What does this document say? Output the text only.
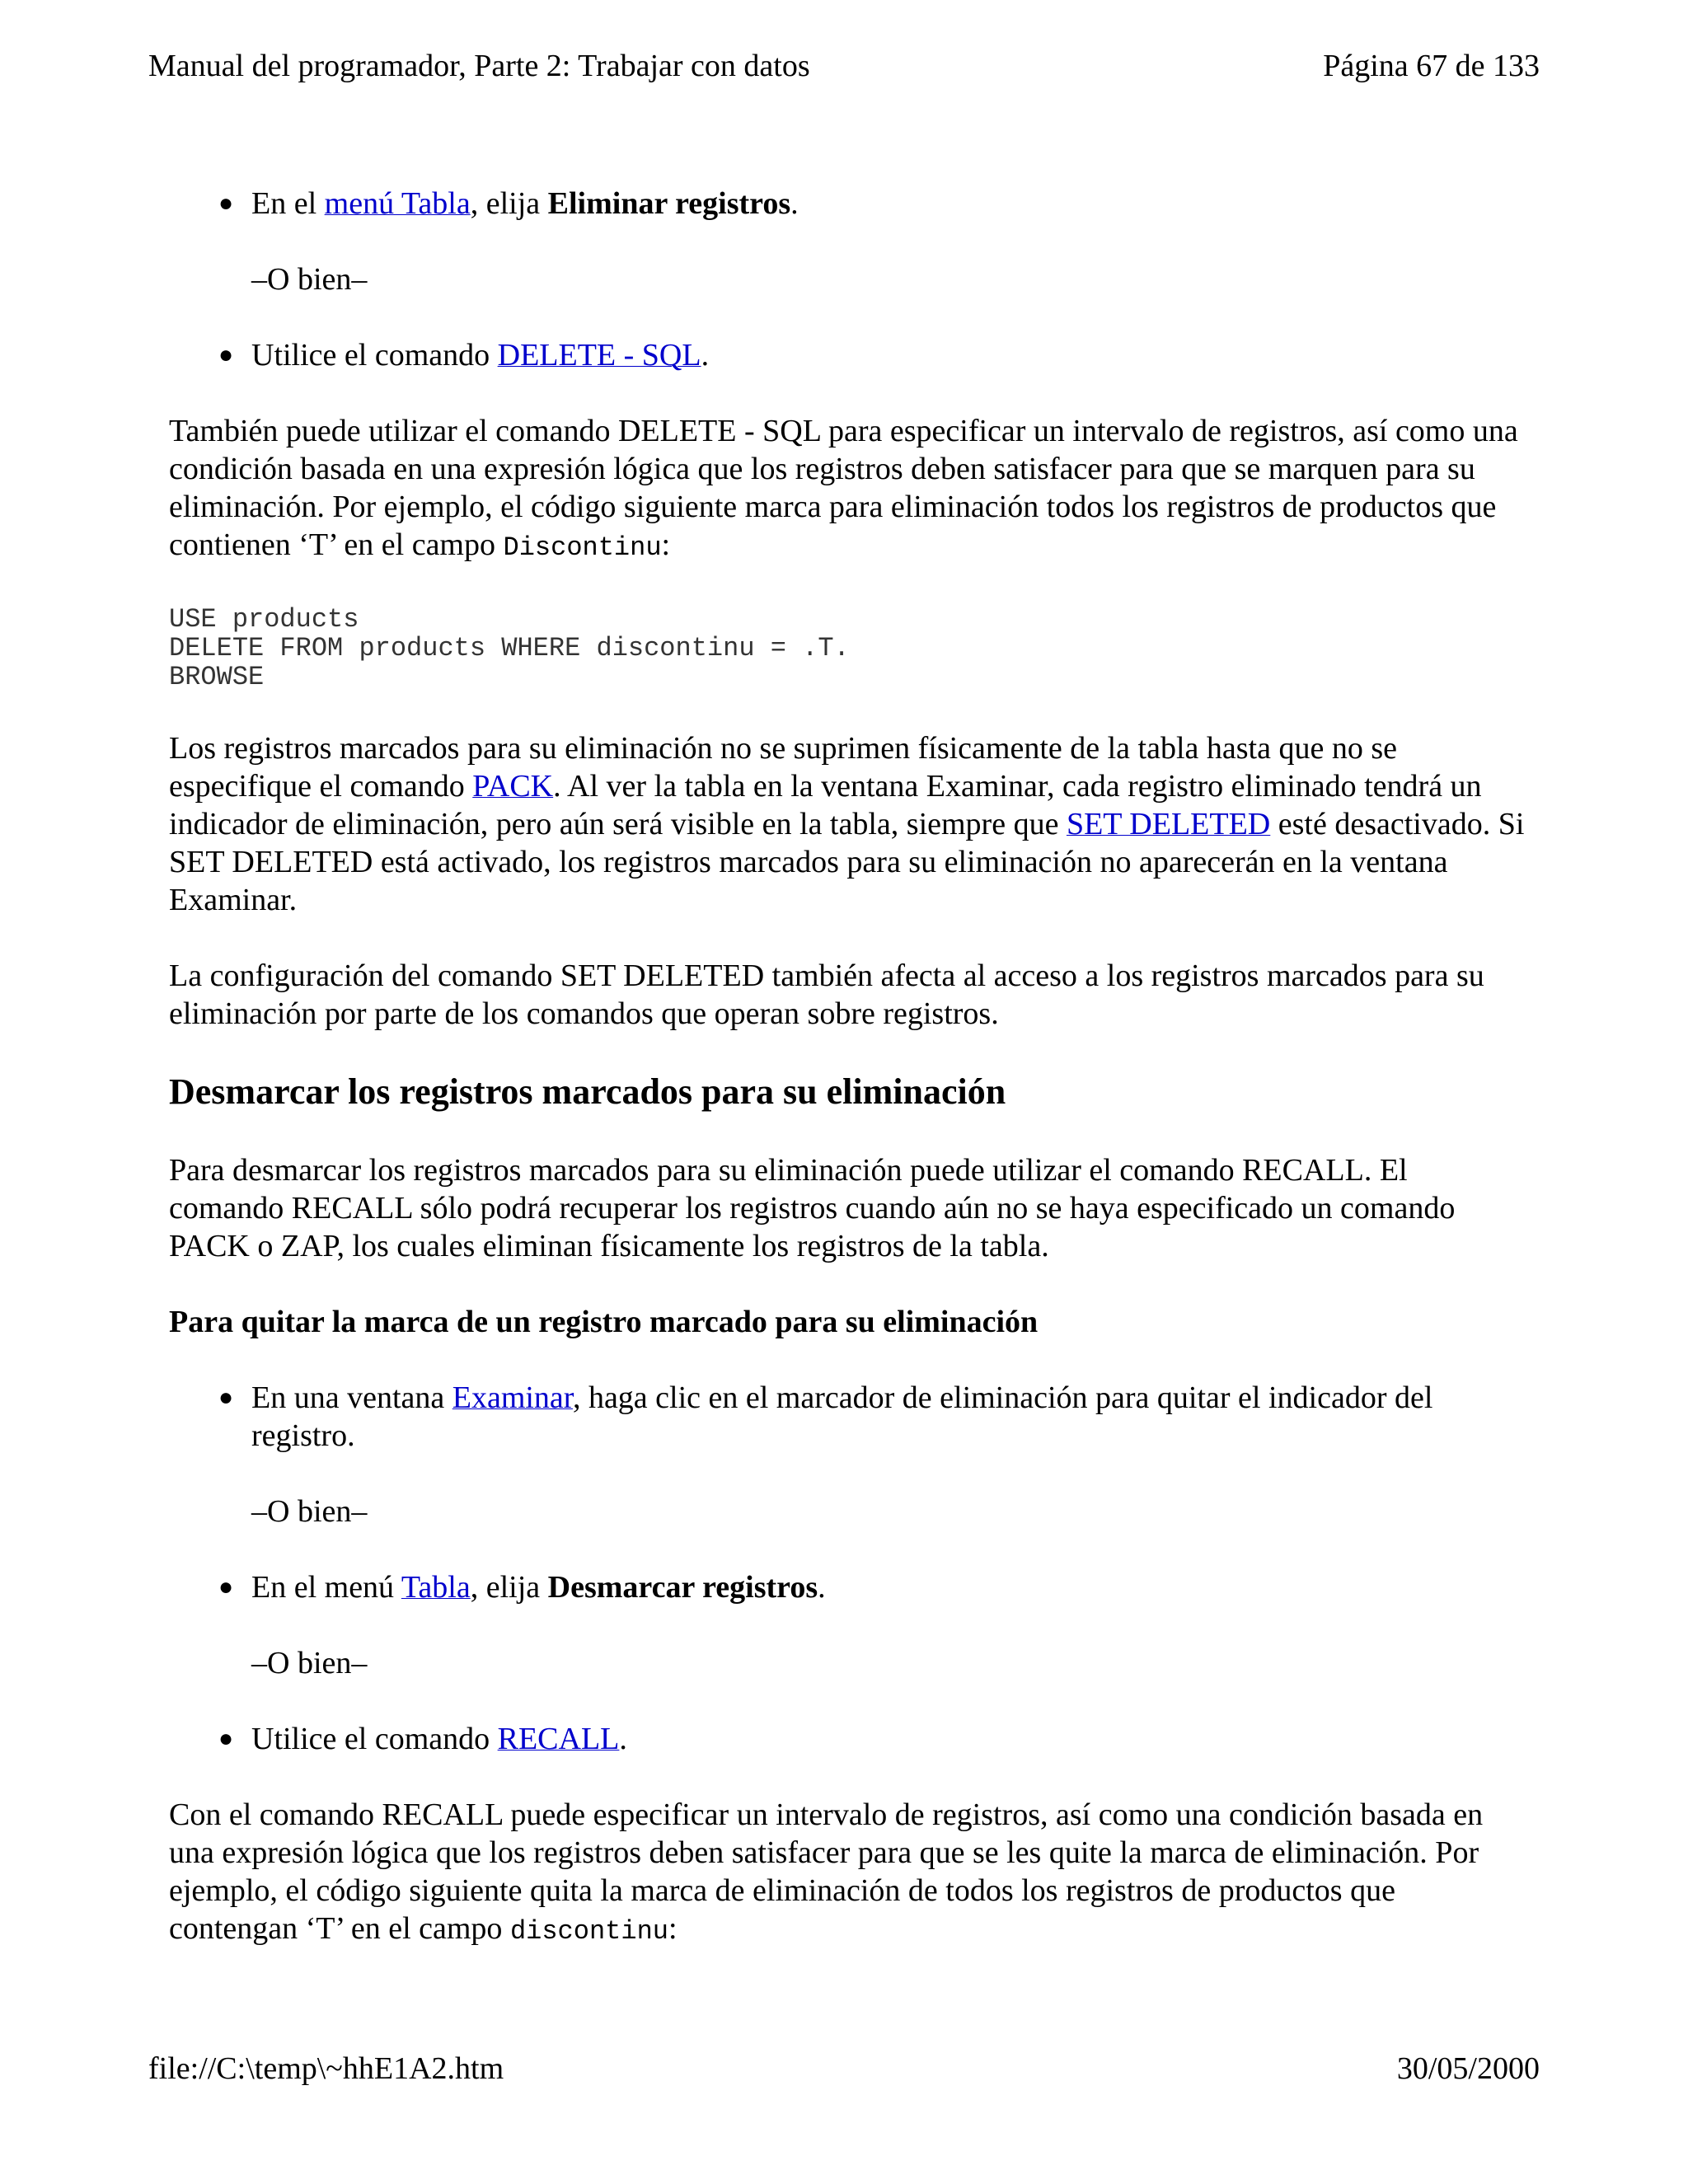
Manual del programador, Parte 2: Trabajar con datos	Página 67 de 133
● En el menú Tabla, elija Eliminar registros.
–O bien–
● Utilice el comando DELETE - SQL.

También puede utilizar el comando DELETE - SQL para especificar un intervalo de registros, así como una condición basada en una expresión lógica que los registros deben satisfacer para que se marquen para su eliminación. Por ejemplo, el código siguiente marca para eliminación todos los registros de productos que contienen ‘T’ en el campo Discontinu:

USE products
DELETE FROM products WHERE discontinu = .T.
BROWSE

Los registros marcados para su eliminación no se suprimen físicamente de la tabla hasta que no se especifique el comando PACK. Al ver la tabla en la ventana Examinar, cada registro eliminado tendrá un indicador de eliminación, pero aún será visible en la tabla, siempre que SET DELETED esté desactivado. Si SET DELETED está activado, los registros marcados para su eliminación no aparecerán en la ventana Examinar.

La configuración del comando SET DELETED también afecta al acceso a los registros marcados para su eliminación por parte de los comandos que operan sobre registros.

Desmarcar los registros marcados para su eliminación

Para desmarcar los registros marcados para su eliminación puede utilizar el comando RECALL. El comando RECALL sólo podrá recuperar los registros cuando aún no se haya especificado un comando PACK o ZAP, los cuales eliminan físicamente los registros de la tabla.

Para quitar la marca de un registro marcado para su eliminación
● En una ventana Examinar, haga clic en el marcador de eliminación para quitar el indicador del registro.
–O bien–
● En el menú Tabla, elija Desmarcar registros.
–O bien–
● Utilice el comando RECALL.

Con el comando RECALL puede especificar un intervalo de registros, así como una condición basada en una expresión lógica que los registros deben satisfacer para que se les quite la marca de eliminación. Por ejemplo, el código siguiente quita la marca de eliminación de todos los registros de productos que contengan ‘T’ en el campo discontinu:

file://C:\temp\~hhE1A2.htm	30/05/2000
